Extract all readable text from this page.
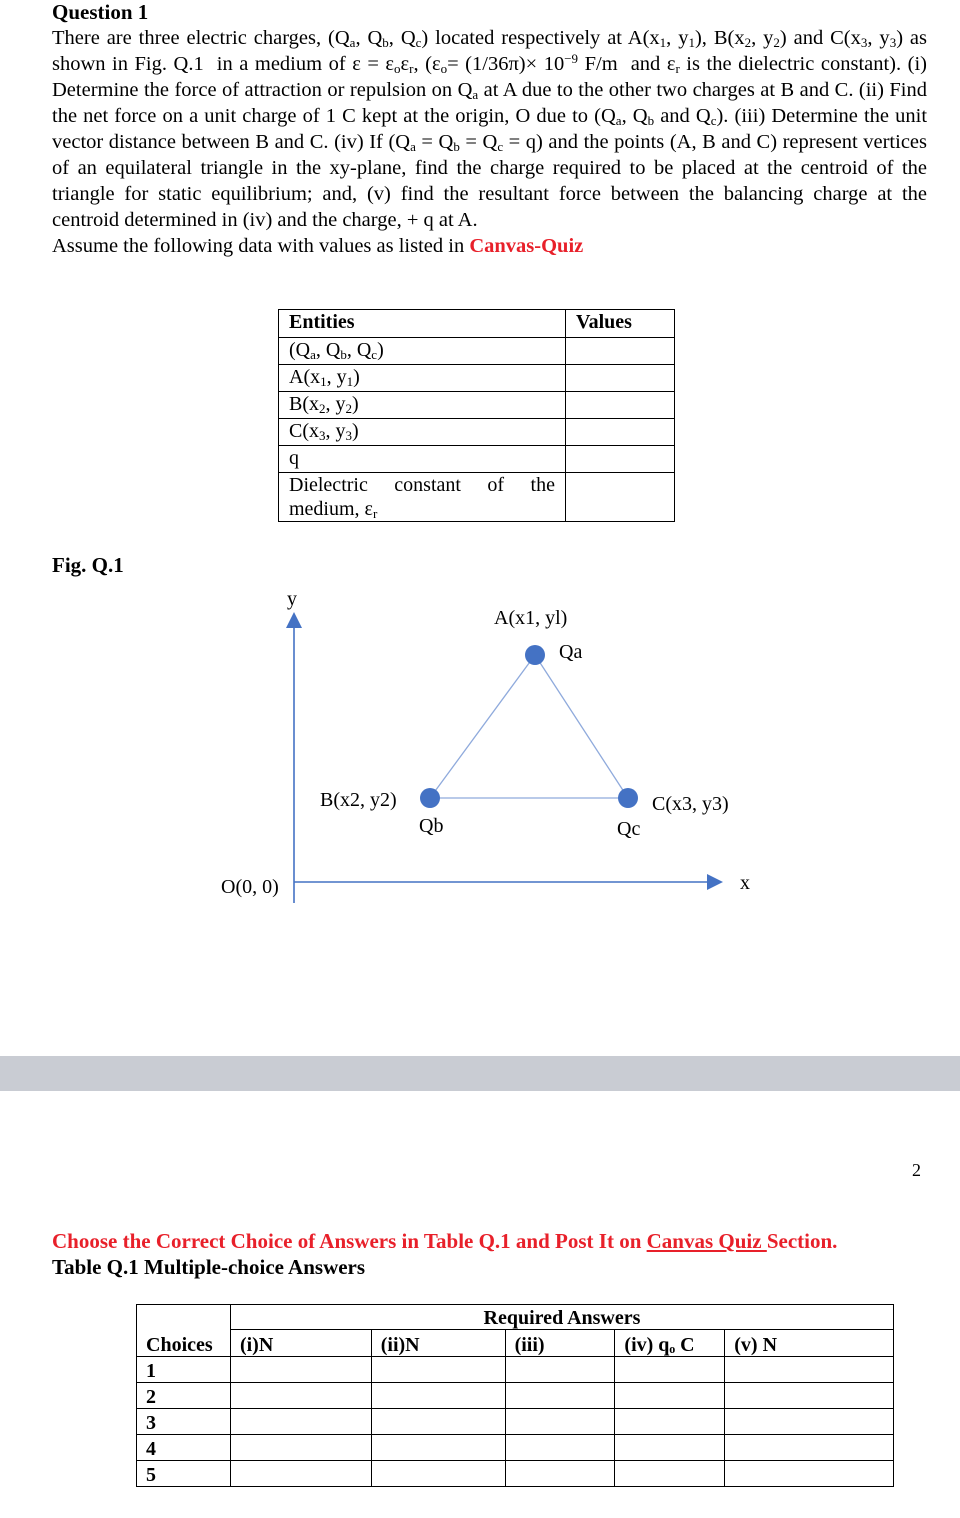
Question 1
There are three electric charges, ($Q_a$, $Q_b$, $Q_c$) located respectively at $A(x_1$, $y_1$), $B(x_2$, $y_2$) and $C(x_3$, $y_3$) as shown in Fig. Q.1  in a medium of $\varepsilon = \varepsilon_o\varepsilon_r$, ($\varepsilon_o= (1/36\pi)\times 10^{-9}$ F/m  and $\varepsilon_r$ is the dielectric constant). (i) Determine the force of attraction or repulsion on $Q_a$ at A due to the other two charges at B and C. (ii) Find the net force on a unit charge of 1 C kept at the origin, O due to ($Q_a$, $Q_b$ and $Q_c$). (iii) Determine the unit vector distance between B and C. (iv) If $(Q_a = Q_b = Q_c = q)$ and the points (A, B and C) represent vertices of an equilateral triangle in the xy-plane, find the charge required to be placed at the centroid of the triangle for static equilibrium; and, (v) find the resultant force between the balancing charge at the centroid determined in (iv) and the charge, + q at A.
Assume the following data with values as listed in Canvas-Quiz
Entities	Values
($Q_a$, $Q_b$, $Q_c$)	
$A(x_1$, $y_1$)	
$B(x_2$, $y_2$)	
$C(x_3$, $y_3$)	
q	
Dielectric constant of the medium, $\varepsilon_r$	
Fig. Q.1
y
x
O(0, 0)
A(x1, yl)
Qa
B(x2, y2)
Qb
C(x3, y3)
Qc
2
Choose the Correct Choice of Answers in Table Q.1 and Post It on Canvas Quiz Section.
Table Q.1 Multiple-choice Answers
	Required Answers				
Choices	(i)N	(ii)N	(iii)	(iv) qₒ C	(v) N
1					
2					
3					
4					
5					
